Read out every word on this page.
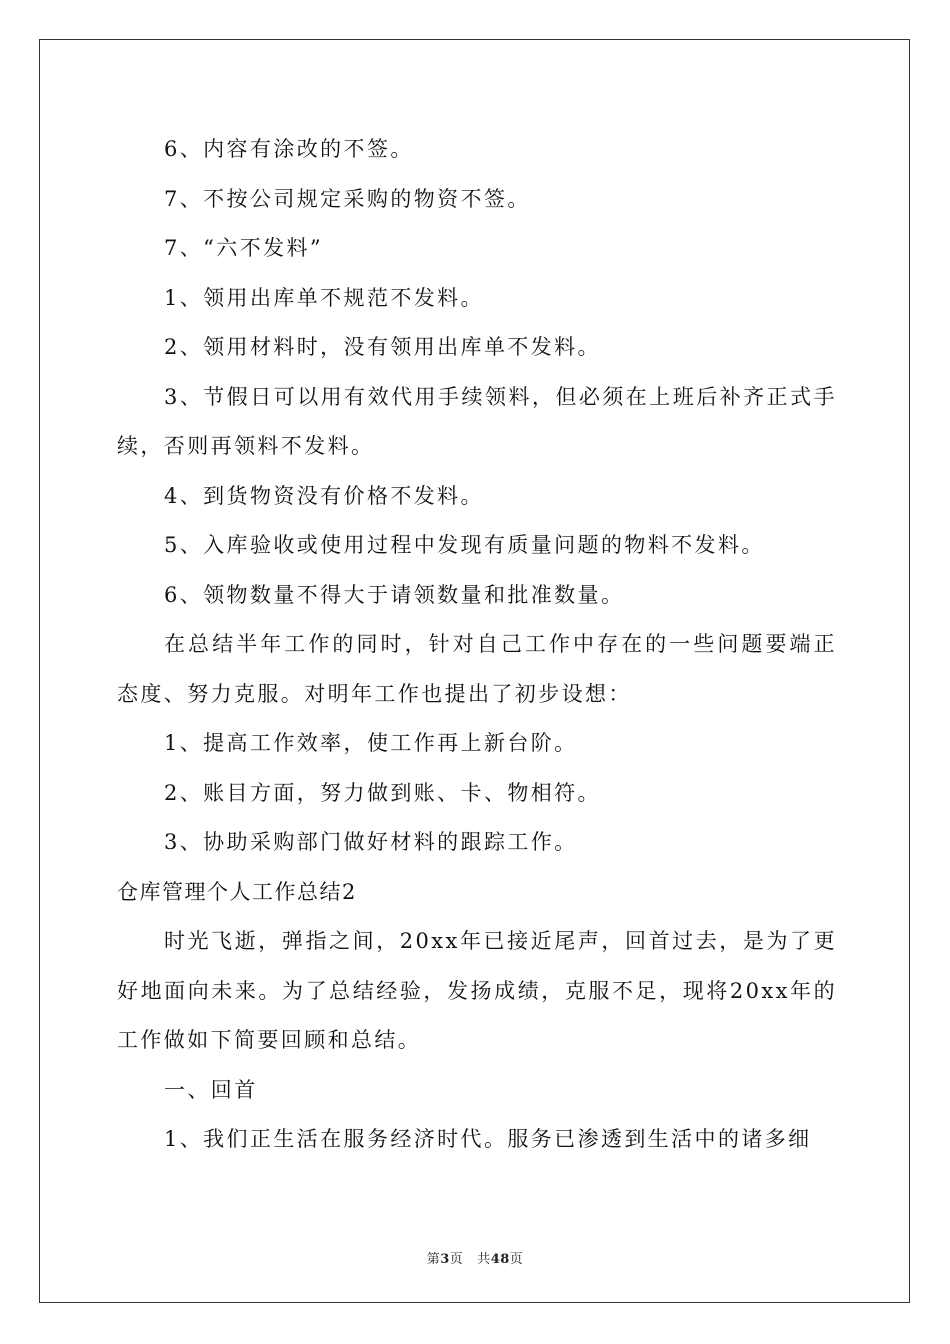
6、内容有涂改的不签。

7、不按公司规定采购的物资不签。

7、“六不发料”

1、领用出库单不规范不发料。

2、领用材料时，没有领用出库单不发料。

3、节假日可以用有效代用手续领料，但必须在上班后补齐正式手续，否则再领料不发料。

4、到货物资没有价格不发料。

5、入库验收或使用过程中发现有质量问题的物料不发料。

6、领物数量不得大于请领数量和批准数量。

在总结半年工作的同时，针对自己工作中存在的一些问题要端正态度、努力克服。对明年工作也提出了初步设想：

1、提高工作效率，使工作再上新台阶。

2、账目方面，努力做到账、卡、物相符。

3、协助采购部门做好材料的跟踪工作。

仓库管理个人工作总结2

时光飞逝，弹指之间，20xx年已接近尾声，回首过去，是为了更好地面向未来。为了总结经验，发扬成绩，克服不足，现将20xx年的工作做如下简要回顾和总结。

一、回首

1、我们正生活在服务经济时代。服务已渗透到生活中的诸多细

第3页 共48页
